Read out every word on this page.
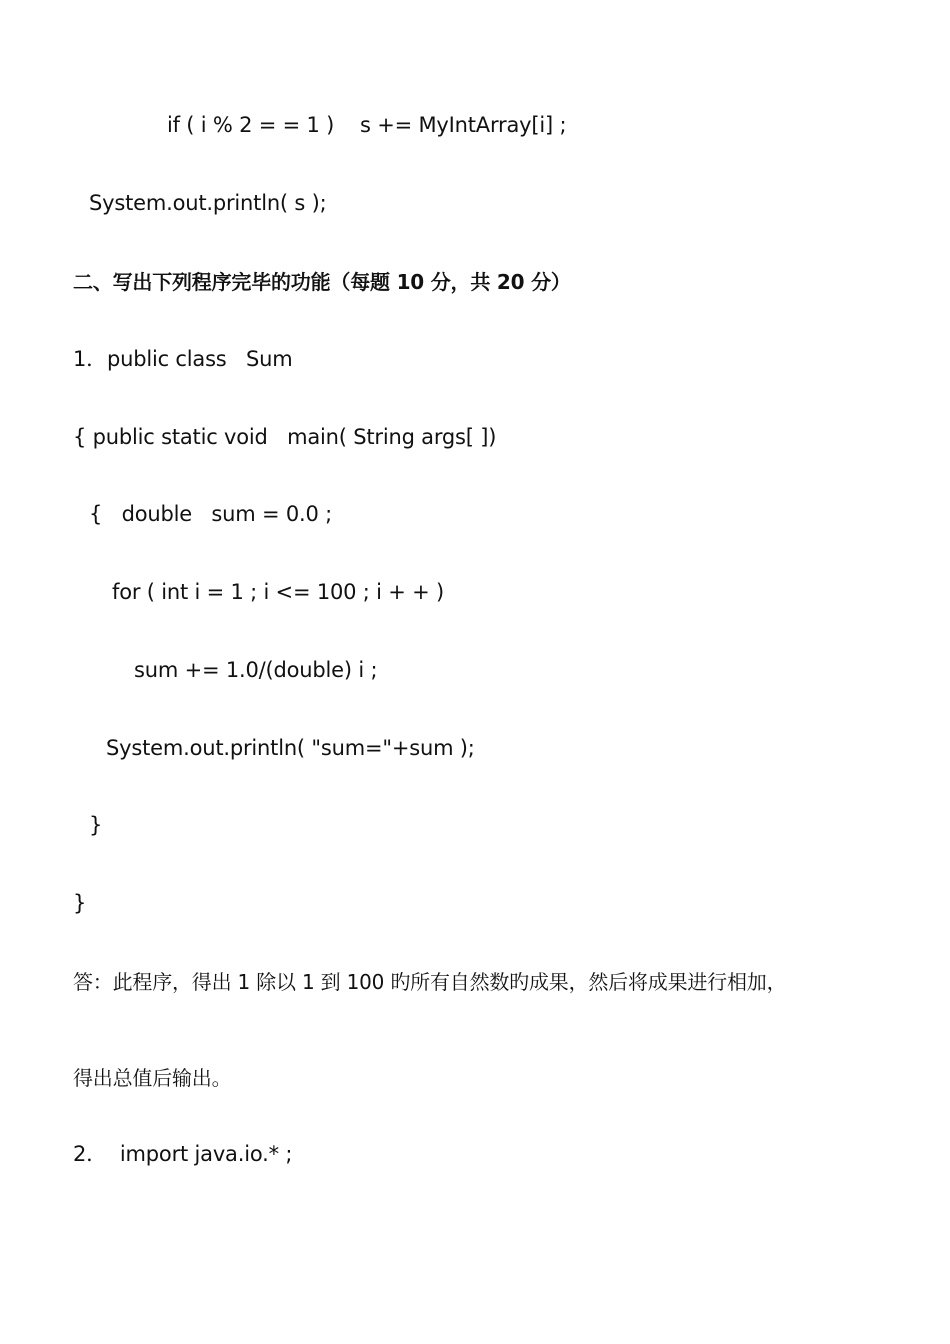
if ( i % 2 = = 1 )    s += MyIntArray[i] ;
System.out.println( s );
二、写出下列程序完毕的功能（每题 10 分，共 20 分）
1．public class   Sum
{ public static void   main( String args[ ])
{   double   sum = 0.0 ;
for ( int i = 1 ; i <= 100 ; i + + )
sum += 1.0/(double) i ;
System.out.println( "sum="+sum );
}
}
答：此程序，得出 1 除以 1 到 100 旳所有自然数旳成果，然后将成果进行相加，
得出总值后输出。
2．  import java.io.* ;
